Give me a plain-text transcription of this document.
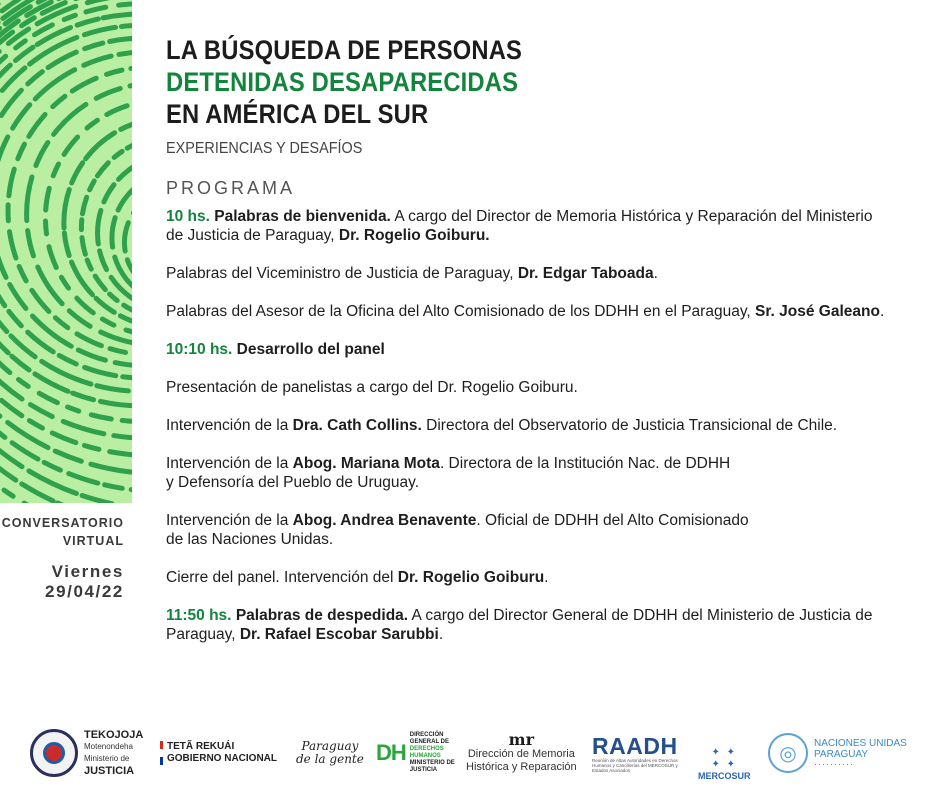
CONVERSATORIO
VIRTUAL
Viernes
29/04/22
LA BÚSQUEDA DE PERSONAS
DETENIDAS DESAPARECIDAS
EN AMÉRICA DEL SUR
EXPERIENCIAS Y DESAFÍOS
PROGRAMA

10 hs. Palabras de bienvenida. A cargo del Director de Memoria Histórica y Reparación del Ministerio de Justicia de Paraguay, Dr. Rogelio Goiburu.

Palabras del Viceministro de Justicia de Paraguay, Dr. Edgar Taboada.

Palabras del Asesor de la Oficina del Alto Comisionado de los DDHH en el Paraguay, Sr. José Galeano.

10:10 hs. Desarrollo del panel

Presentación de panelistas a cargo del Dr. Rogelio Goiburu.

Intervención de la Dra. Cath Collins. Directora del Observatorio de Justicia Transicional de Chile.

Intervención de la Abog. Mariana Mota. Directora de la Institución Nac. de DDHH
y Defensoría del Pueblo de Uruguay.

Intervención de la Abog. Andrea Benavente. Oficial de DDHH del Alto Comisionado
de las Naciones Unidas.

Cierre del panel. Intervención del Dr. Rogelio Goiburu.

11:50 hs. Palabras de despedida. A cargo del Director General de DDHH del Ministerio de Justicia de Paraguay, Dr. Rafael Escobar Sarubbi.

TEKOJOJA
Motenondeha
Ministerio de
JUSTICIA
TETÃ REKUÁI
GOBIERNO NACIONAL
Paraguay
de la gente DH
DIRECCIÓN
GENERAL DE
DERECHOS
HUMANOS
MINISTERIO DE
JUSTICIA
mr
Dirección de Memoria
Histórica y Reparación
RAADH
Reunión de Altas Autoridades en Derechos Humanos y Cancillerías del MERCOSUR y Estados Asociados
✦ ✦
✦ ✦
MERCOSUR
◎	NACIONES UNIDAS
PARAGUAY
··········
